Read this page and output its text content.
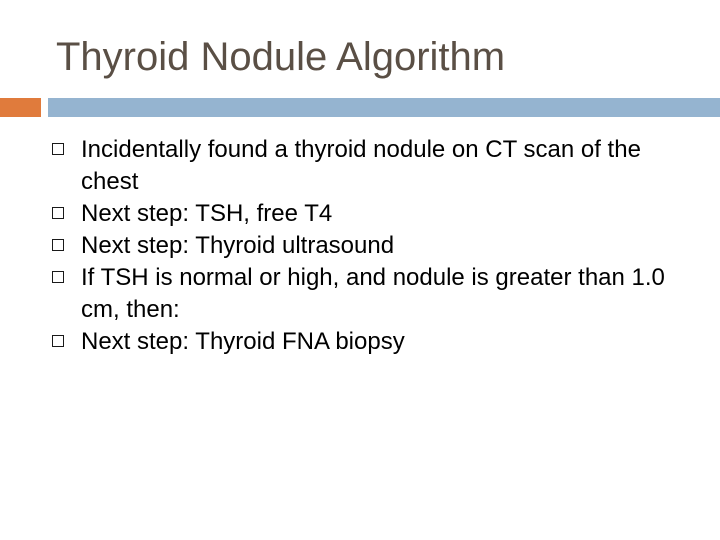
Thyroid Nodule Algorithm
Incidentally found a thyroid nodule on CT scan of the chest
Next step: TSH, free T4
Next step: Thyroid ultrasound
If TSH is normal or high, and nodule is greater than 1.0 cm, then:
Next step: Thyroid FNA biopsy
